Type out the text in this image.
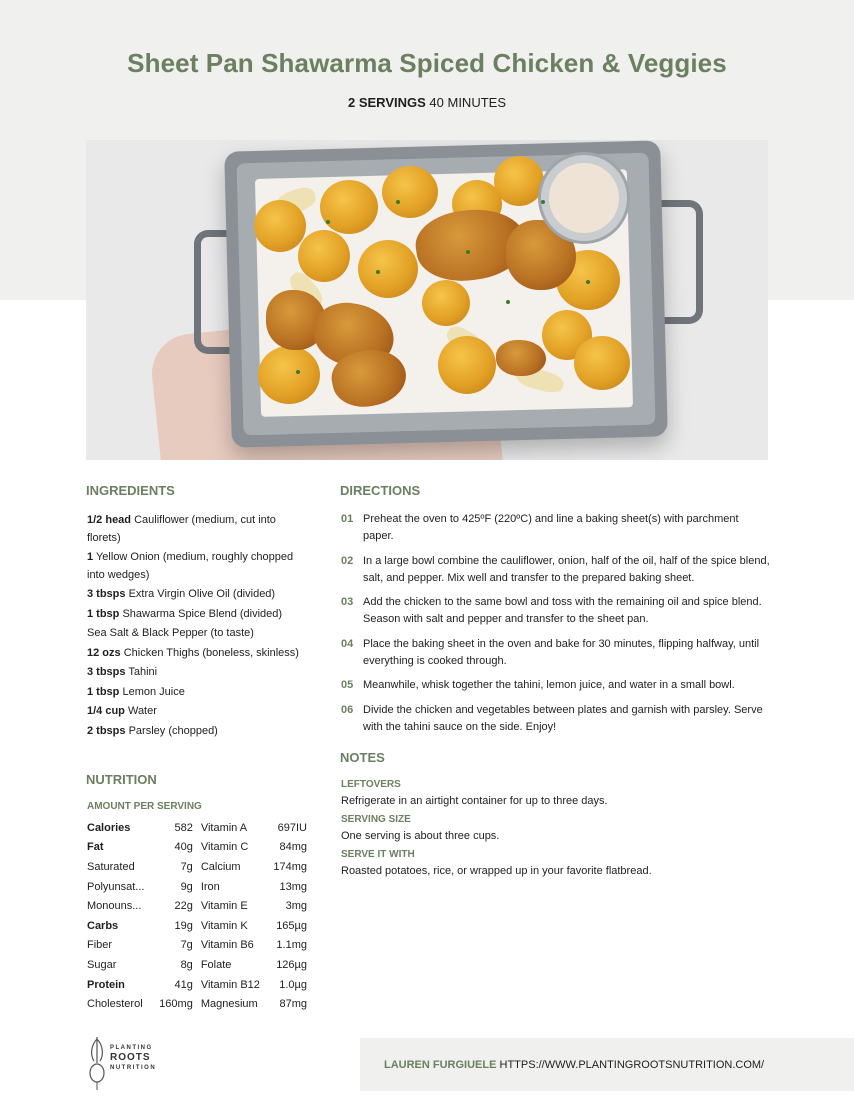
Sheet Pan Shawarma Spiced Chicken & Veggies
2 SERVINGS 40 MINUTES
INGREDIENTS
1/2 head Cauliflower (medium, cut into florets)
1 Yellow Onion (medium, roughly chopped into wedges)
3 tbsps Extra Virgin Olive Oil (divided)
1 tbsp Shawarma Spice Blend (divided)
Sea Salt & Black Pepper (to taste)
12 ozs Chicken Thighs (boneless, skinless)
3 tbsps Tahini
1 tbsp Lemon Juice
1/4 cup Water
2 tbsps Parsley (chopped)
NUTRITION
AMOUNT PER SERVING
Calories	582	Vitamin A	697IU
Fat	40g	Vitamin C	84mg
Saturated	7g	Calcium	174mg
Polyunsat...	9g	Iron	13mg
Monouns...	22g	Vitamin E	3mg
Carbs	19g	Vitamin K	165µg
Fiber	7g	Vitamin B6	1.1mg
Sugar	8g	Folate	126µg
Protein	41g	Vitamin B12	1.0µg
Cholesterol	160mg	Magnesium	87mg
DIRECTIONS
01 Preheat the oven to 425ºF (220ºC) and line a baking sheet(s) with parchment paper.
02 In a large bowl combine the cauliflower, onion, half of the oil, half of the spice blend, salt, and pepper. Mix well and transfer to the prepared baking sheet.
03 Add the chicken to the same bowl and toss with the remaining oil and spice blend. Season with salt and pepper and transfer to the sheet pan.
04 Place the baking sheet in the oven and bake for 30 minutes, flipping halfway, until everything is cooked through.
05 Meanwhile, whisk together the tahini, lemon juice, and water in a small bowl.
06 Divide the chicken and vegetables between plates and garnish with parsley. Serve with the tahini sauce on the side. Enjoy!
NOTES
LEFTOVERS
Refrigerate in an airtight container for up to three days.
SERVING SIZE
One serving is about three cups.
SERVE IT WITH
Roasted potatoes, rice, or wrapped up in your favorite flatbread.
PLANTING
ROOTS
NUTRITION	LAUREN FURGIUELE HTTPS://WWW.PLANTINGROOTSNUTRITION.COM/
